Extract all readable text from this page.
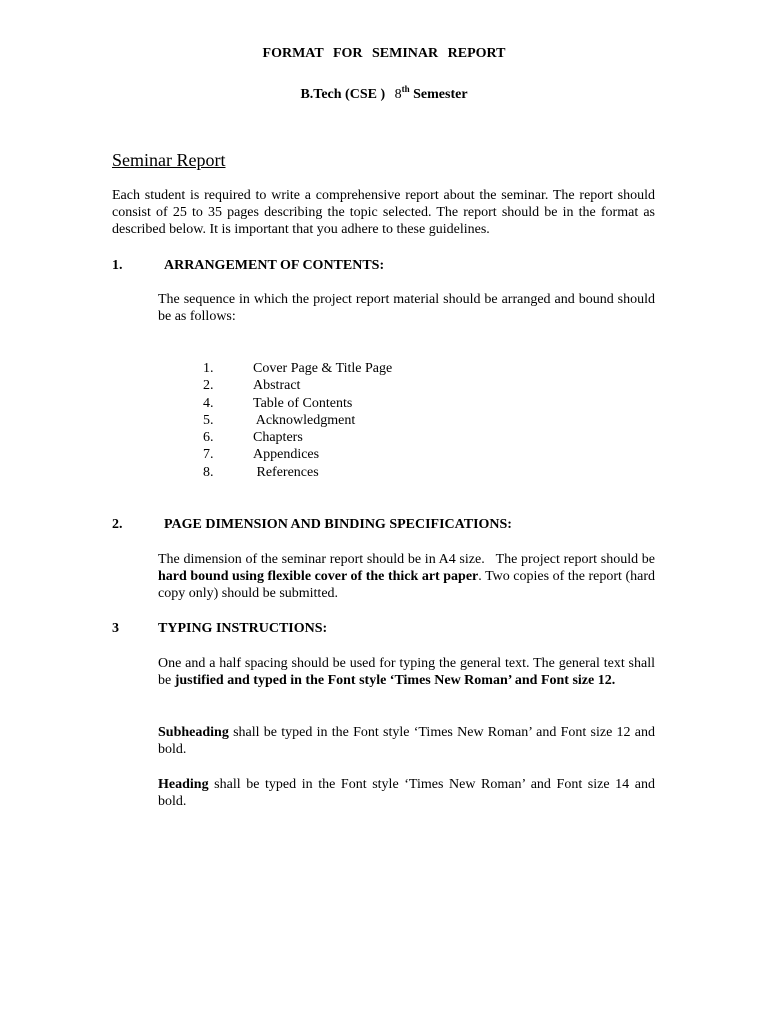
FORMAT FOR SEMINAR REPORT
B.Tech (CSE ) 8th Semester
Seminar Report

Each student is required to write a comprehensive report about the seminar. The report should consist of 25 to 35 pages describing the topic selected. The report should be in the format as described below. It is important that you adhere to these guidelines.

1.	ARRANGEMENT OF CONTENTS:

The sequence in which the project report material should be arranged and bound should be as follows:

1.	Cover Page & Title Page
2.	Abstract
4.	Table of Contents
5.	Acknowledgment
6.	Chapters
7.	Appendices
8.	References
2.	PAGE DIMENSION AND BINDING SPECIFICATIONS:

The dimension of the seminar report should be in A4 size.   The project report should be hard bound using flexible cover of the thick art paper. Two copies of the report (hard copy only) should be submitted.

3	TYPING INSTRUCTIONS:

One and a half spacing should be used for typing the general text. The general text shall be justified and typed in the Font style ‘Times New Roman’ and Font size 12.

Subheading shall be typed in the Font style ‘Times New Roman’ and Font size 12 and bold.

Heading shall be typed in the Font style ‘Times New Roman’ and Font size 14 and bold.
